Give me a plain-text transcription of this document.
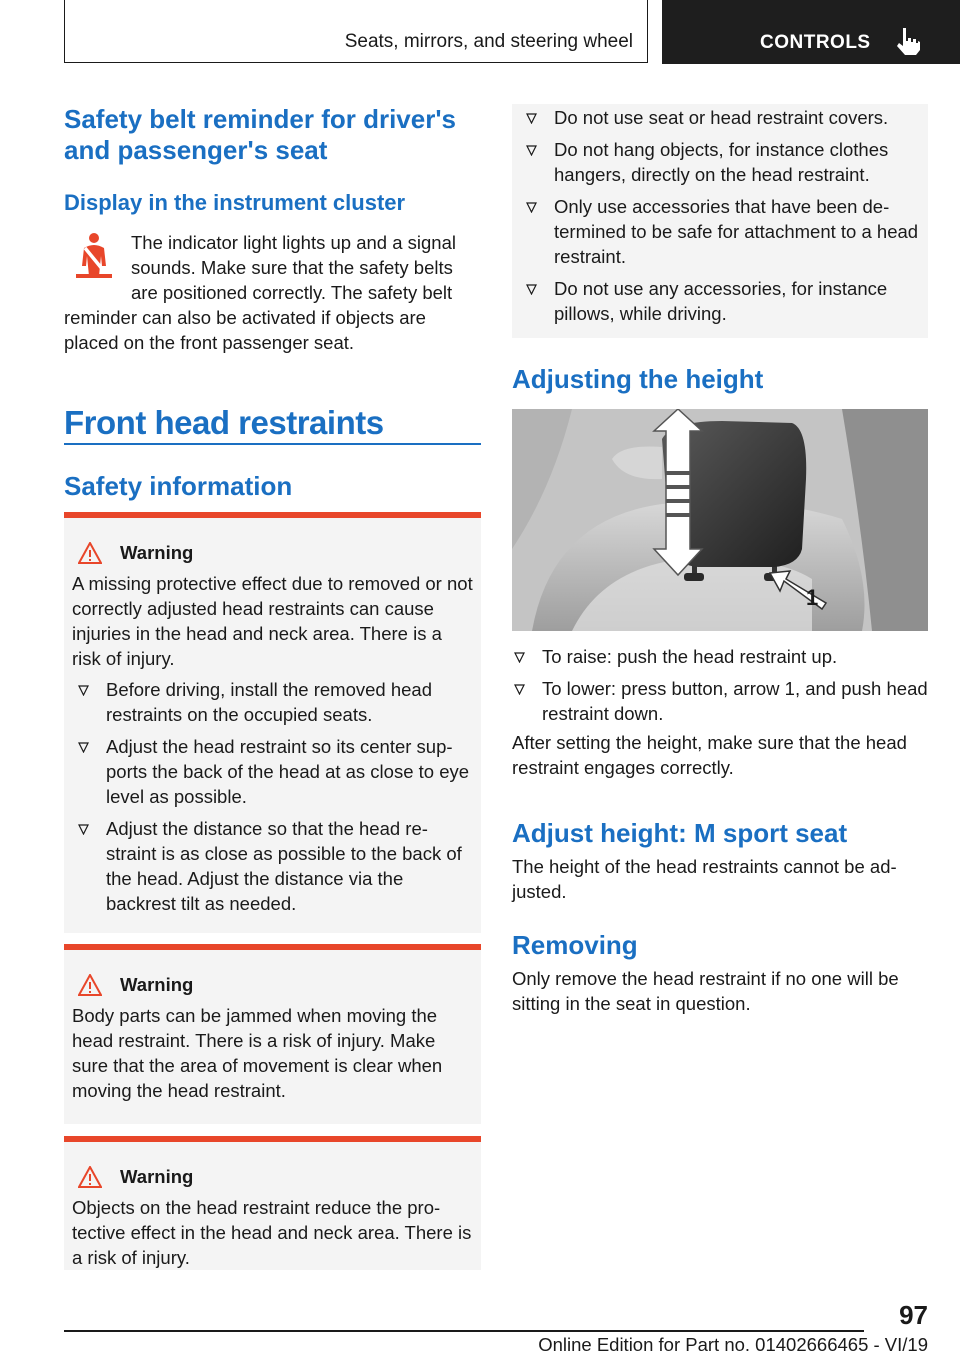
Seats, mirrors, and steering wheel	CONTROLS
Safety belt reminder for driver's and passenger's seat
Display in the instrument cluster

The indicator light lights up and a signal

sounds. Make sure that the safety belts

are positioned correctly. The safety belt

reminder can also be activated if objects are

placed on the front passenger seat.

Front head restraints
Safety information
Warning

A missing protective effect due to removed or not correctly adjusted head restraints can cause injuries in the head and neck area. There is a risk of injury.

Before driving, install the removed head restraints on the occupied seats.
Adjust the head restraint so its center sup-ports the back of the head at as close to eye level as possible.
Adjust the distance so that the head re-straint is as close as possible to the back of the head. Adjust the distance via the backrest tilt as needed.
Warning

Body parts can be jammed when moving the head restraint. There is a risk of injury. Make sure that the area of movement is clear when moving the head restraint.

Warning

Objects on the head restraint reduce the pro-tective effect in the head and neck area. There is a risk of injury.

Do not use seat or head restraint covers.
Do not hang objects, for instance clothes hangers, directly on the head restraint.
Only use accessories that have been de-termined to be safe for attachment to a head restraint.
Do not use any accessories, for instance pillows, while driving.
Adjusting the height
1
To raise: push the head restraint up.
To lower: press button, arrow 1, and push head restraint down.

After setting the height, make sure that the head restraint engages correctly.

Adjust height: M sport seat

The height of the head restraints cannot be ad-justed.

Removing

Only remove the head restraint if no one will be sitting in the seat in question.

97
Online Edition for Part no. 01402666465 - VI/19
